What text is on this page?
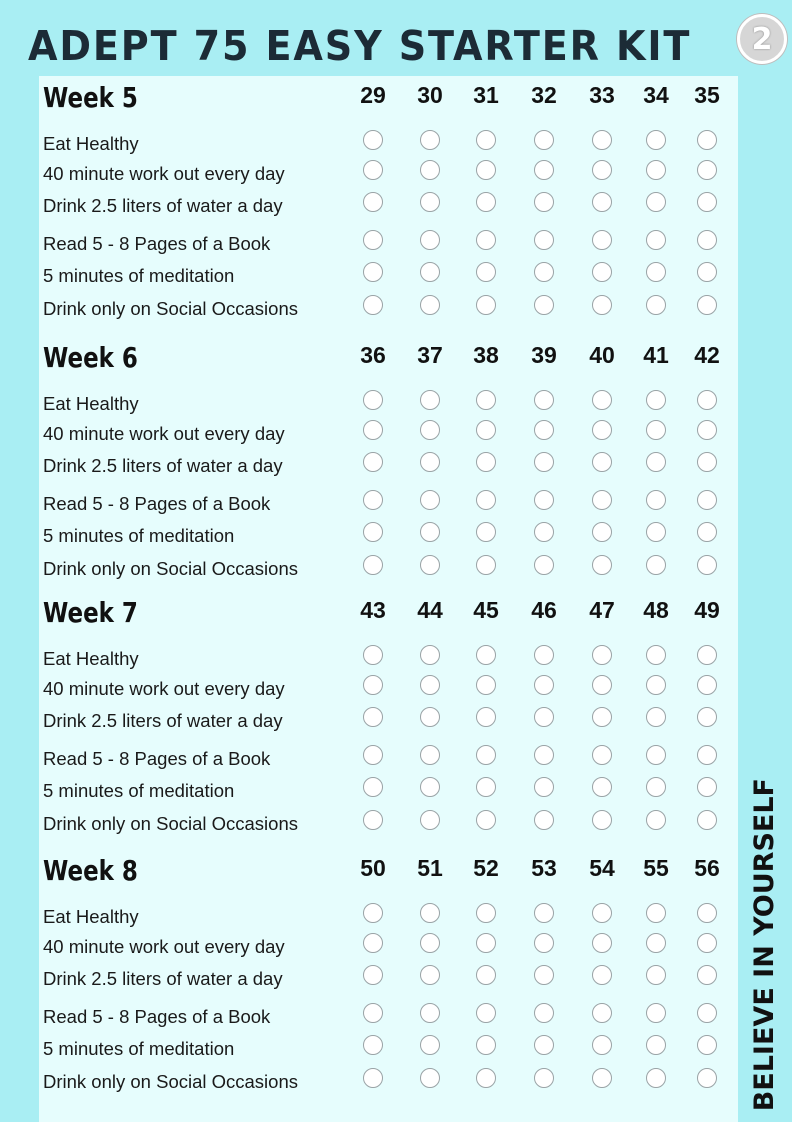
ADEPT 75 EASY STARTER KIT	2
Week 5	29	30	31	32	33	34	35
Eat Healthy
40 minute work out every day
Drink 2.5 liters of water a day
Read 5 - 8 Pages of a Book
5 minutes of meditation
Drink only on Social Occasions
Week 6	36	37	38	39	40	41	42
Eat Healthy
40 minute work out every day
Drink 2.5 liters of water a day
Read 5 - 8 Pages of a Book
5 minutes of meditation
Drink only on Social Occasions
Week 7	43	44	45	46	47	48	49
Eat Healthy
40 minute work out every day
Drink 2.5 liters of water a day
Read 5 - 8 Pages of a Book
5 minutes of meditation
Drink only on Social Occasions
Week 8	50	51	52	53	54	55	56
Eat Healthy
40 minute work out every day
Drink 2.5 liters of water a day
Read 5 - 8 Pages of a Book
5 minutes of meditation
Drink only on Social Occasions	BELIEVE IN YOURSELF
